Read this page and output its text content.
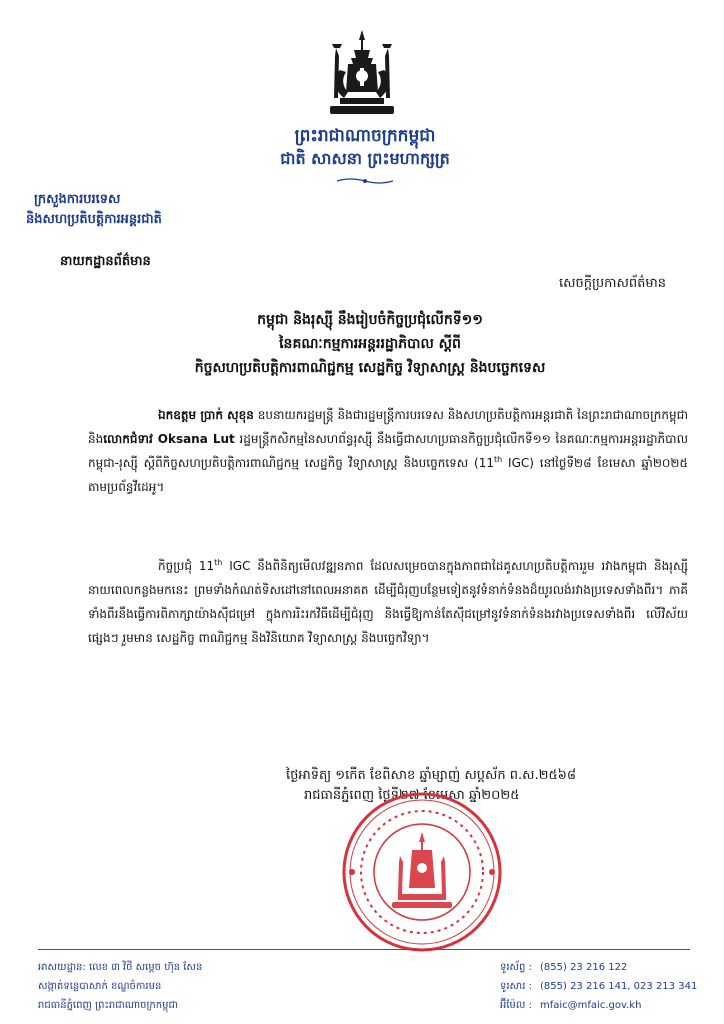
ព្រះរាជាណាចក្រកម្ពុជា
ជាតិ សាសនា ព្រះមហាក្សត្រ
ក្រសួងការបរទេស
និងសហប្រតិបត្តិការអន្តរជាតិ
នាយកដ្ឋានព័ត៌មាន
សេចក្តីប្រកាសព័ត៌មាន
កម្ពុជា និងរុស្ស៊ី នឹងរៀបចំកិច្ចប្រជុំលើកទី១១
នៃគណៈកម្មការអន្តររដ្ឋាភិបាល ស្តីពី
កិច្ចសហប្រតិបត្តិការពាណិជ្ជកម្ម សេដ្ឋកិច្ច វិទ្យាសាស្ត្រ និងបច្ចេកទេស
ឯកឧត្តម ប្រាក់ សុខុន ឧបនាយករដ្ឋមន្ត្រី និងជារដ្ឋមន្ត្រីការបរទេស និងសហប្រតិបត្តិការអន្តរជាតិ នៃព្រះរាជាណាចក្រកម្ពុជា និងលោកជំទាវ Oksana Lut រដ្ឋមន្ត្រីកសិកម្មនៃសហព័ន្ធរុស្ស៊ី នឹងធ្វើជាសហប្រធានកិច្ចប្រជុំលើកទី១១ នៃគណៈកម្មការអន្តររដ្ឋាភិបាលកម្ពុជា-រុស្ស៊ី ស្តីពីកិច្ចសហប្រតិបត្តិការពាណិជ្ជកម្ម សេដ្ឋកិច្ច វិទ្យាសាស្ត្រ និងបច្ចេកទេស (11th IGC) នៅថ្ងៃទី២៨ ខែមេសា ឆ្នាំ២០២៥ តាមប្រព័ន្ធវីដេអូ។
កិច្ចប្រជុំ 11th IGC នឹងពិនិត្យមើលវឌ្ឍនភាព ដែលសម្រេចបានក្នុងភាពជាដៃគូសហប្រតិបត្តិការរួម រវាងកម្ពុជា និងរុស្ស៊ី នាយពេលកន្លងមកនេះ ព្រមទាំងកំណត់ទិសដៅនៅពេលអនាគត ដើម្បីជំរុញបន្ថែមទៀតនូវទំនាក់ទំនងដ៏យូរលង់រវាងប្រទេសទាំងពីរ។ ភាគីទាំងពីរនឹងធ្វើការពិភាក្សាយ៉ាងស៊ីជម្រៅ ក្នុងការរិះរកវិធីដើម្បីជំរុញ និងធ្វើឱ្យកាន់តែស៊ីជម្រៅនូវទំនាក់ទំនងរវាងប្រទេសទាំងពីរ លើវិស័យផ្សេងៗ រួមមាន សេដ្ឋកិច្ច ពាណិជ្ជកម្ម និងវិនិយោគ វិទ្យាសាស្ត្រ និងបច្ចេកវិទ្យា។
ថ្ងៃអាទិត្យ ១កើត ខែពិសាខ ឆ្នាំម្សាញ់ សប្តស័ក ព.ស.២៥៦៨
រាជធានីភ្នំពេញ ថ្ងៃទី២៧ ខែមេសា ឆ្នាំ២០២៥
អាសយដ្ឋាន: លេខ ៣ វិថី សម្តេច ហ៊ុន សែន
សង្កាត់ទន្លេបាសាក់ ខណ្ឌចំការមន
រាជធានីភ្នំពេញ ព្រះរាជាណាចក្រកម្ពុជា
ទូរស័ព្ទ : (855) 23 216 122
ទូរសារ : (855) 23 216 141, 023 213 341
អ៊ីម៉ែល : mfaic@mfaic.gov.kh
